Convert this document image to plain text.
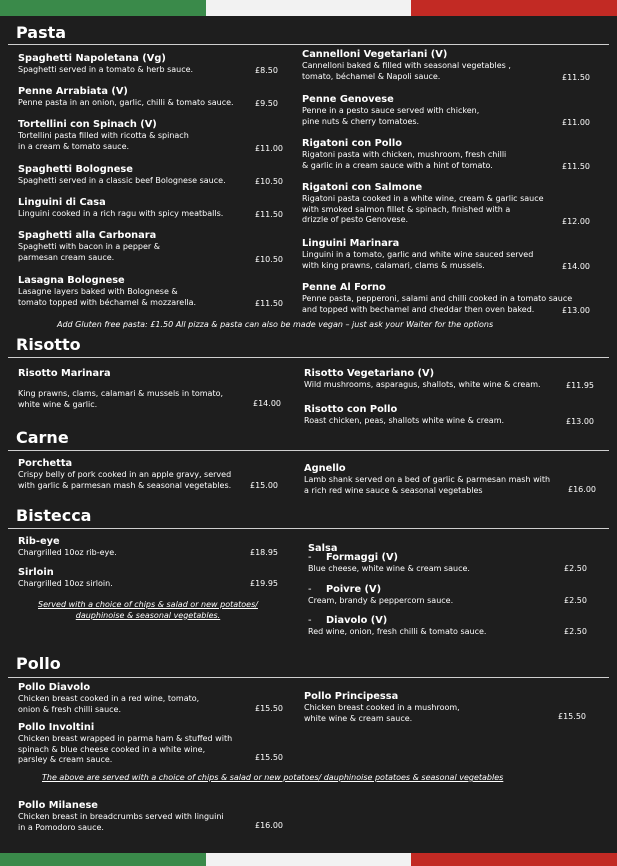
Pasta
Spaghetti Napoletana (Vg)
Spaghetti served in a tomato & herb sauce.	£8.50
Penne Arrabiata (V)
Penne pasta in an onion, garlic, chilli & tomato sauce.	£9.50
Tortellini con Spinach (V)
Tortellini pasta filled with ricotta & spinach
in a cream & tomato sauce.	£11.00
Spaghetti Bolognese
Spaghetti served in a classic beef Bolognese sauce.	£10.50
Linguini di Casa
Linguini cooked in a rich ragu with spicy meatballs.	£11.50
Spaghetti alla Carbonara
Spaghetti with bacon in a pepper &
parmesan cream sauce.	£10.50
Lasagna Bolognese
Lasagne layers baked with Bolognese &
tomato topped with béchamel & mozzarella.	£11.50
Cannelloni Vegetariani (V)
Cannelloni baked & filled with seasonal vegetables ,
tomato, béchamel & Napoli sauce.	£11.50
Penne Genovese
Penne in a pesto sauce served with chicken,
pine nuts & cherry tomatoes.	£11.00
Rigatoni con Pollo
Rigatoni pasta with chicken, mushroom, fresh chilli
& garlic in a cream sauce with a hint of tomato.	£11.50
Rigatoni con Salmone
Rigatoni pasta cooked in a white wine, cream & garlic sauce
with smoked salmon fillet & spinach, finished with a
drizzle of pesto Genovese.	£12.00
Linguini Marinara
Linguini in a tomato, garlic and white wine sauced served
with king prawns, calamari, clams & mussels.	£14.00
Penne Al Forno
Penne pasta, pepperoni, salami and chilli cooked in a tomato sauce
and topped with bechamel and cheddar then oven baked.	£13.00
Add Gluten free pasta: £1.50 All pizza & pasta can also be made vegan – just ask your Waiter for the options
Risotto
Risotto Marinara
King prawns, clams, calamari & mussels in tomato,
white wine & garlic.	£14.00
Risotto Vegetariano (V)
Wild mushrooms, asparagus, shallots, white wine & cream.	£11.95
Risotto con Pollo
Roast chicken, peas, shallots white wine & cream.	£13.00
Carne
Porchetta
Crispy belly of pork cooked in an apple gravy, served
with garlic & parmesan mash & seasonal vegetables. £15.00
Agnello
Lamb shank served on a bed of garlic & parmesan mash with
a rich red wine sauce & seasonal vegetables	£16.00
Bistecca
Rib-eye
Chargrilled 10oz rib-eye.	£18.95
Sirloin
Chargrilled 10oz sirloin.	£19.95
Served with a choice of chips & salad or new potatoes/
dauphinoise & seasonal vegetables.
Salsa
- Formaggi (V)
Blue cheese, white wine & cream sauce.	£2.50
- Poivre (V)
Cream, brandy & peppercorn sauce.	£2.50
- Diavolo (V)
Red wine, onion, fresh chilli & tomato sauce.	£2.50
Pollo
Pollo Diavolo
Chicken breast cooked in a red wine, tomato,
onion & fresh chilli sauce.	£15.50
Pollo Involtini
Chicken breast wrapped in parma ham & stuffed with
spinach & blue cheese cooked in a white wine,
parsley & cream sauce.	£15.50
Pollo Principessa
Chicken breast cooked in a mushroom,
white wine & cream sauce.	£15.50
The above are served with a choice of chips & salad or new potatoes/ dauphinoise potatoes & seasonal vegetables
Pollo Milanese
Chicken breast in breadcrumbs served with linguini
in a Pomodoro sauce.	£16.00
